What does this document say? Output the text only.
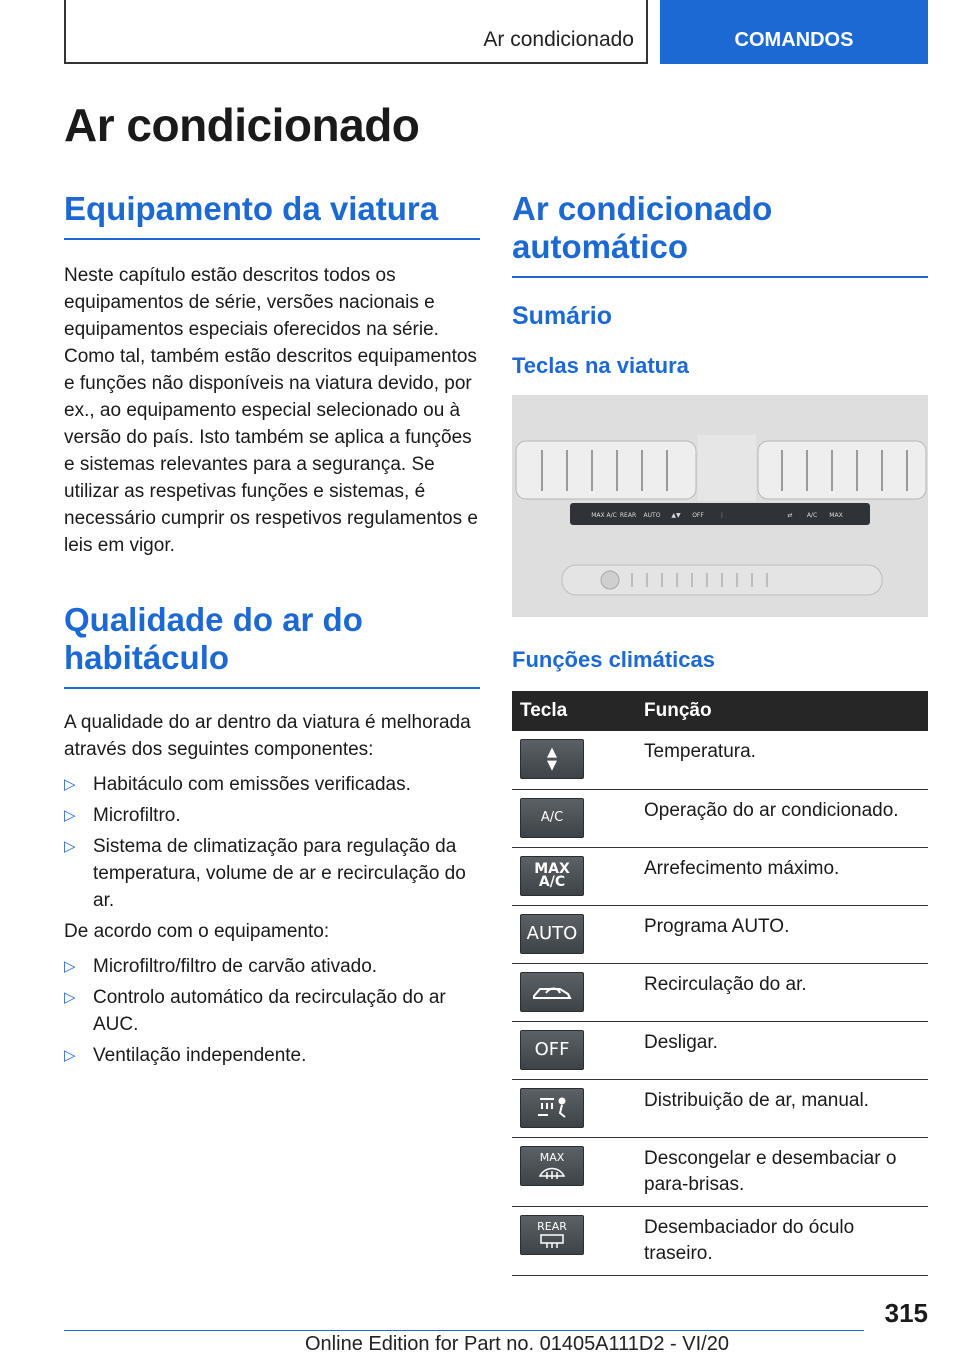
Ar condicionado	COMANDOS
Ar condicionado
Equipamento da viatura

Neste capítulo estão descritos todos os equipamentos de série, versões nacionais e equipamentos especiais oferecidos na série. Como tal, também estão descritos equipamentos e funções não disponíveis na viatura devido, por ex., ao equipamento especial selecionado ou à versão do país. Isto também se aplica a funções e sistemas relevantes para a segurança. Se utilizar as respetivas funções e sistemas, é necessário cumprir os respetivos regulamentos e leis em vigor.

Qualidade do ar do habitáculo

A qualidade do ar dentro da viatura é melhorada através dos seguintes componentes:

▷ Habitáculo com emissões verificadas.
▷ Microfiltro.
▷ Sistema de climatização para regulação da temperatura, volume de ar e recirculação do ar.

De acordo com o equipamento:

▷ Microfiltro/filtro de carvão ativado.
▷ Controlo automático da recirculação do ar AUC.
▷ Ventilação independente.
Ar condicionado automático
Sumário
Teclas na viatura
MAX A/C REAR AUTO ▲▼ OFF	⋮	⇄ A/C MAX
Funções climáticas
Tecla	Função

▲
▼	Temperatura.

A/C	Operação do ar condicionado.

MAX A/C	Arrefecimento máximo.

AUTO	Programa AUTO.

	Recirculação do ar.

OFF	Desligar.

	Distribuição de ar, manual.

MAX	Descongelar e desembaciar o para-brisas.

REAR	Desembaciador do óculo traseiro.
315
Online Edition for Part no. 01405A111D2 - VI/20
